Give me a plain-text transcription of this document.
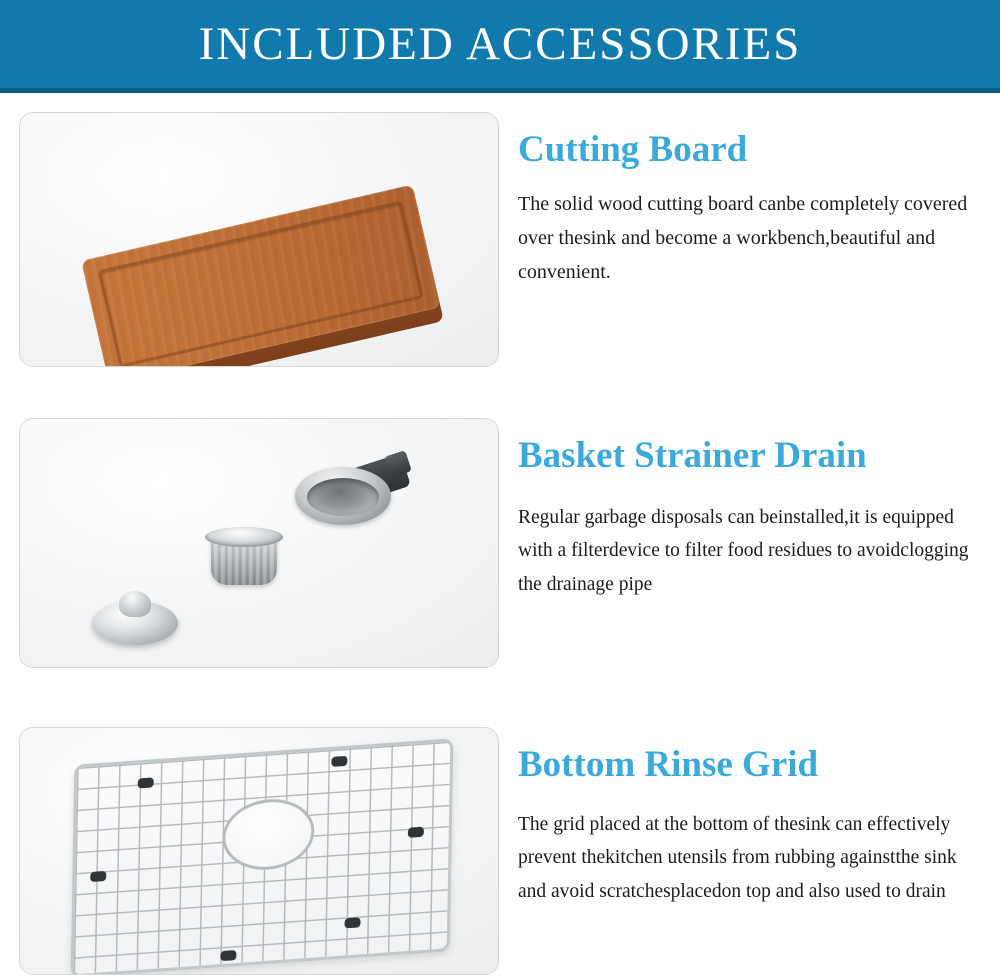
INCLUDED ACCESSORIES
Cutting Board

The solid wood cutting board canbe completely covered over thesink and become a workbench,beautiful and convenient.

Basket Strainer Drain

Regular garbage disposals can beinstalled,it is equipped with a filterdevice to filter food residues to avoidclogging the drainage pipe

Bottom Rinse Grid

The grid placed at the bottom of thesink can effectively prevent thekitchen utensils from rubbing againstthe sink and avoid scratchesplacedon top and also used to drain
